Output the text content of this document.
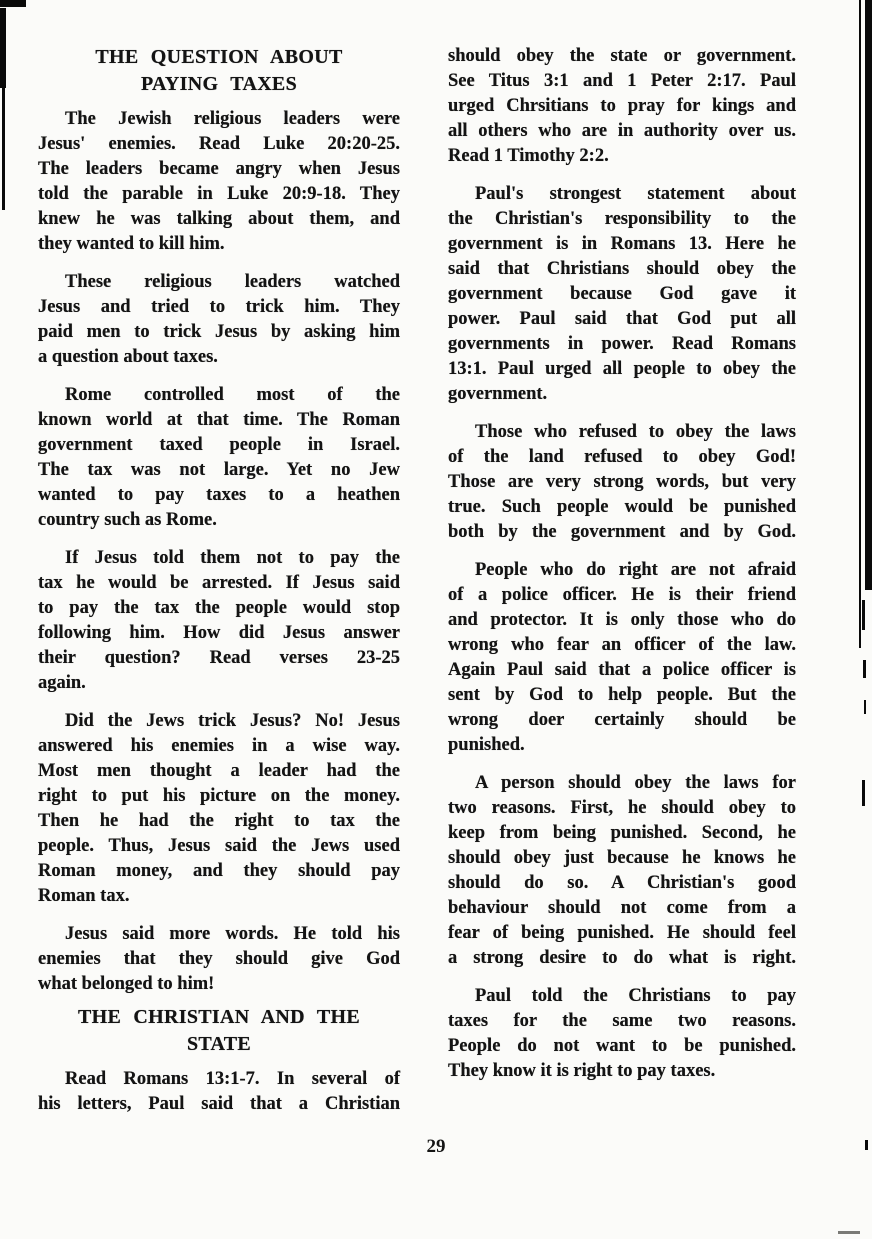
THE QUESTION ABOUT
PAYING TAXES
The Jewish religious leaders were
Jesus' enemies. Read Luke 20:20-25.
The leaders became angry when Jesus
told the parable in Luke 20:9-18. They
knew he was talking about them, and
they wanted to kill him.
These religious leaders watched
Jesus and tried to trick him. They
paid men to trick Jesus by asking him
a question about taxes.
Rome controlled most of the
known world at that time. The Roman
government taxed people in Israel.
The tax was not large. Yet no Jew
wanted to pay taxes to a heathen
country such as Rome.
If Jesus told them not to pay the
tax he would be arrested. If Jesus said
to pay the tax the people would stop
following him. How did Jesus answer
their question? Read verses 23-25
again.
Did the Jews trick Jesus? No! Jesus
answered his enemies in a wise way.
Most men thought a leader had the
right to put his picture on the money.
Then he had the right to tax the
people. Thus, Jesus said the Jews used
Roman money, and they should pay
Roman tax.
Jesus said more words. He told his
enemies that they should give God
what belonged to him!
THE CHRISTIAN AND THE
STATE
Read Romans 13:1-7. In several of
his letters, Paul said that a Christian
should obey the state or government.
See Titus 3:1 and 1 Peter 2:17. Paul
urged Chrsitians to pray for kings and
all others who are in authority over us.
Read 1 Timothy 2:2.
Paul's strongest statement about
the Christian's responsibility to the
government is in Romans 13. Here he
said that Christians should obey the
government because God gave it
power. Paul said that God put all
governments in power. Read Romans
13:1. Paul urged all people to obey the
government.
Those who refused to obey the laws
of the land refused to obey God!
Those are very strong words, but very
true. Such people would be punished
both by the government and by God.
People who do right are not afraid
of a police officer. He is their friend
and protector. It is only those who do
wrong who fear an officer of the law.
Again Paul said that a police officer is
sent by God to help people. But the
wrong doer certainly should be
punished.
A person should obey the laws for
two reasons. First, he should obey to
keep from being punished. Second, he
should obey just because he knows he
should do so. A Christian's good
behaviour should not come from a
fear of being punished. He should feel
a strong desire to do what is right.
Paul told the Christians to pay
taxes for the same two reasons.
People do not want to be punished.
They know it is right to pay taxes.
29
